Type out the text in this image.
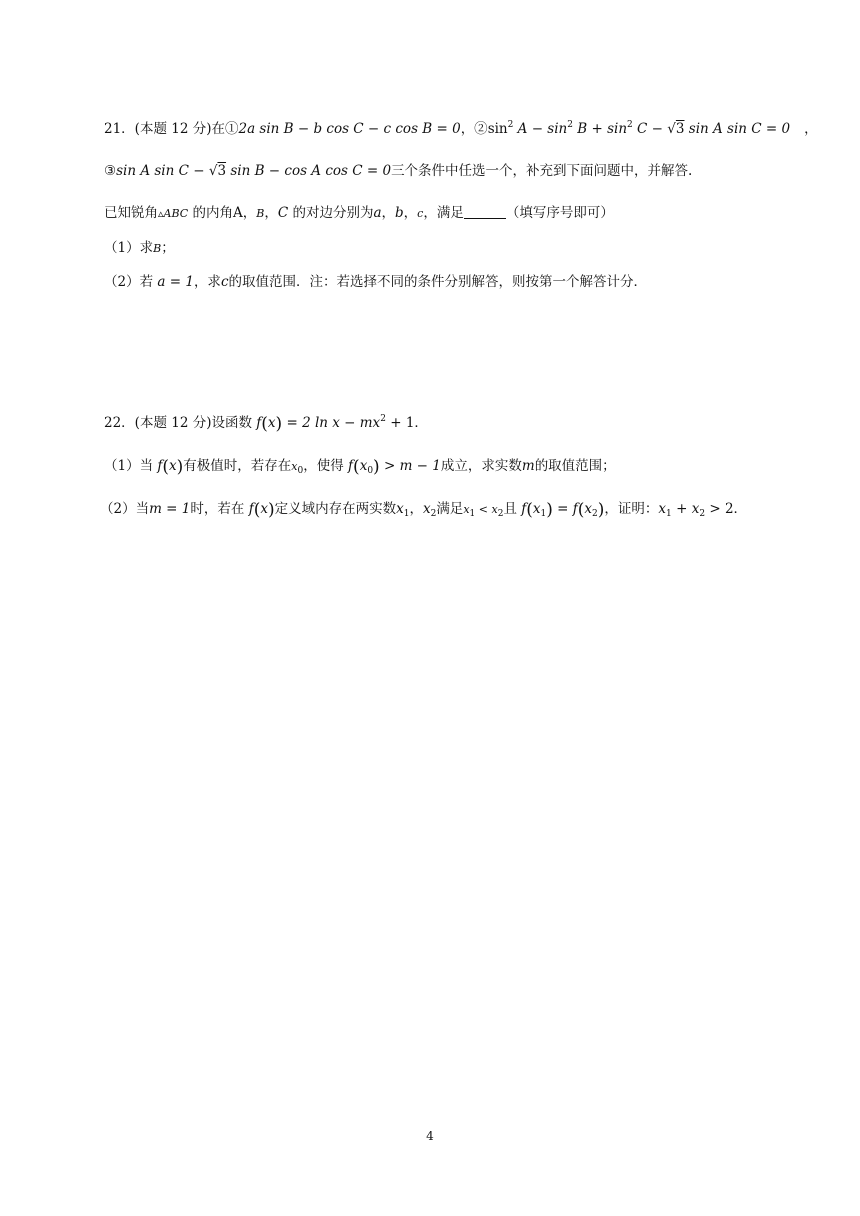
21．(本题 12 分)在①2a sin B − b cos C − c cos B = 0，$②\sin^2$ $A - \sin^2 B + \sin^2 C - √3$ sin A sin C = 0 ，
③sin A sin C − √3 sin B − cos A cos C = 0三个条件中任选一个，补充到下面问题中，并解答.
已知锐角▵ABC 的内角A，B，C 的对边分别为a，b，c，满足	（填写序号即可）
（1）求B；
（2）若 a = 1，求c的取值范围．注：若选择不同的条件分别解答，则按第一个解答计分．
22．(本题 12 分)设函数 f(x) = 2 $\ln x - mx^2 + 1$．
（1）当 f(x)有极值时，若存在$x_0$，使得 $f(x_0) > m - 1$成立，求实数m的取值范围；
（2）当m = 1时，若在 f(x)定义域内存在两实数$x_1$，$x_2$满足$x_1 < x_2$且 $f(x_1) = f(x_2)$，证明：$x_1 + x_2 > 2$．
4
